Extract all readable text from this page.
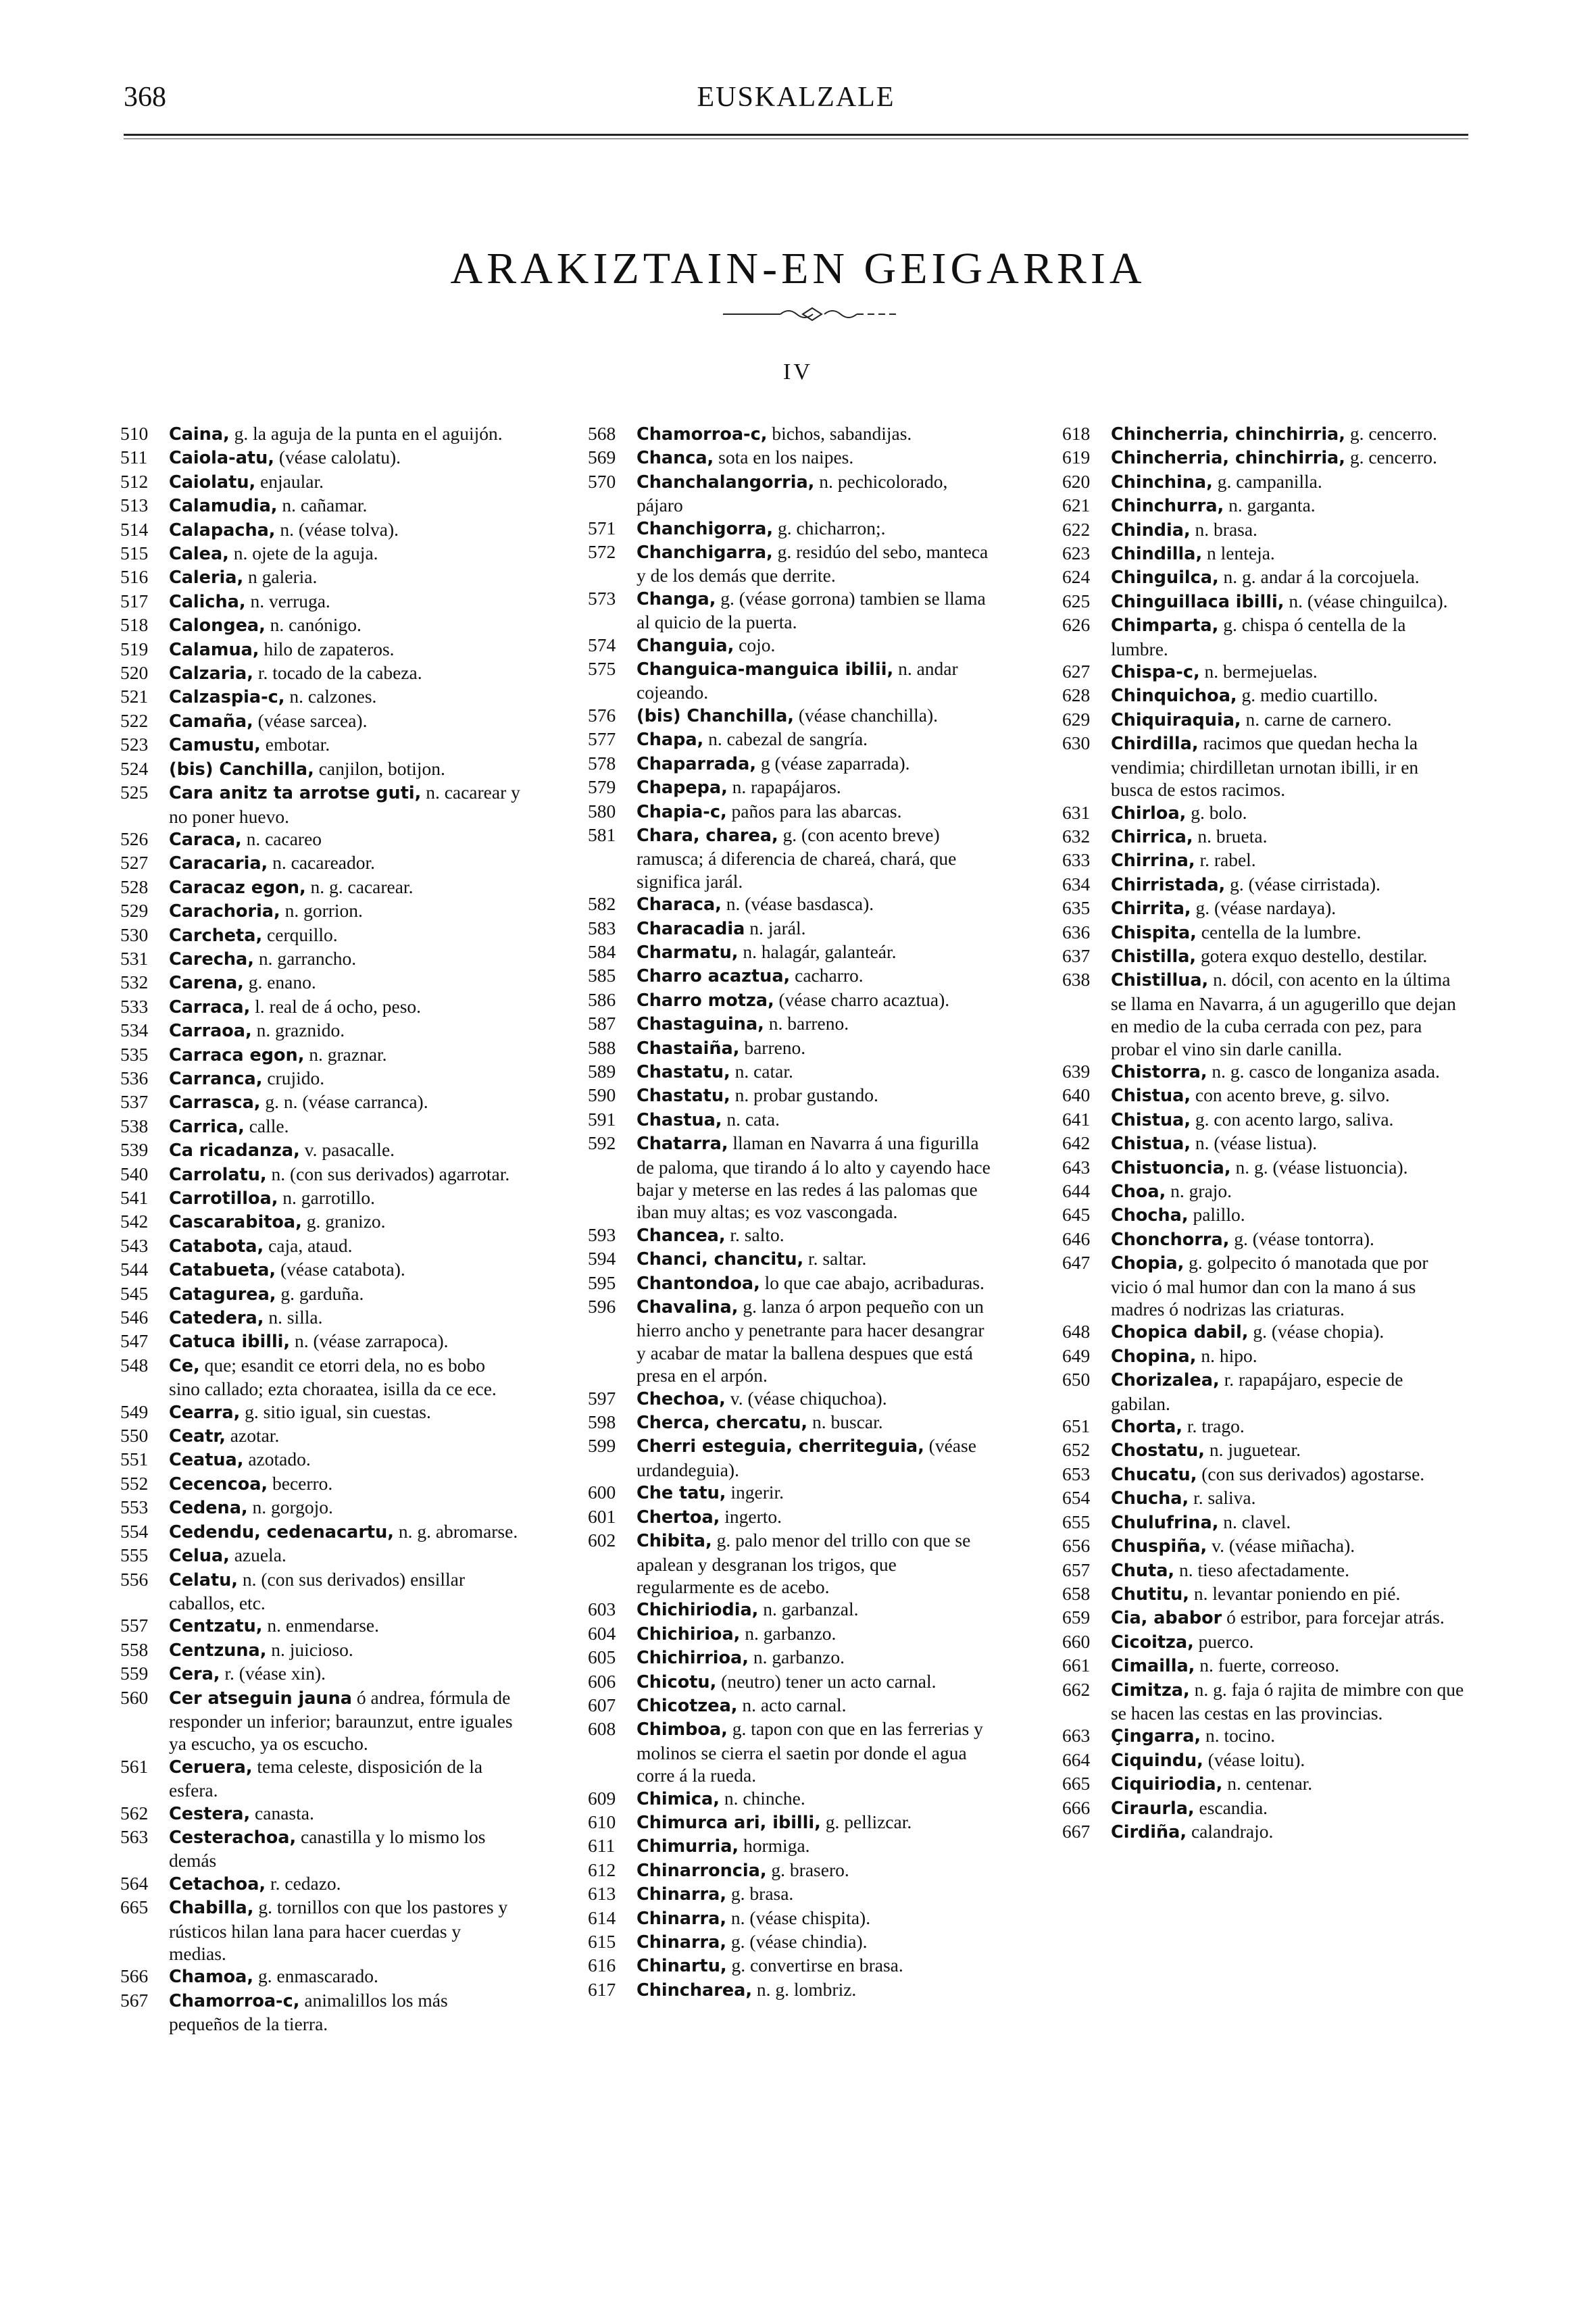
368	EUSKALZALE
ARAKIZTAIN-EN GEIGARRIA
IV
510	Caina, g. la aguja de la punta en el aguijón.
511	Caiola-atu, (véase calolatu).
512	Caiolatu, enjaular.
513	Calamudia, n. cañamar.
514	Calapacha, n. (véase tolva).
515	Calea, n. ojete de la aguja.
516	Caleria, n galeria.
517	Calicha, n. verruga.
518	Calongea, n. canónigo.
519	Calamua, hilo de zapateros.
520	Calzaria, r. tocado de la cabeza.
521	Calzaspia-c, n. calzones.
522	Camaña, (véase sarcea).
523	Camustu, embotar.
524	(bis) Canchilla, canjilon, botijon.
525	Cara anitz ta arrotse guti, n. cacarear y no poner huevo.
526	Caraca, n. cacareo
527	Caracaria, n. cacareador.
528	Caracaz egon, n. g. cacarear.
529	Carachoria, n. gorrion.
530	Carcheta, cerquillo.
531	Carecha, n. garrancho.
532	Carena, g. enano.
533	Carraca, l. real de á ocho, peso.
534	Carraoa, n. graznido.
535	Carraca egon, n. graznar.
536	Carranca, crujido.
537	Carrasca, g. n. (véase carranca).
538	Carrica, calle.
539	Ca ricadanza, v. pasacalle.
540	Carrolatu, n. (con sus derivados) agarrotar.
541	Carrotilloa, n. garrotillo.
542	Cascarabitoa, g. granizo.
543	Catabota, caja, ataud.
544	Catabueta, (véase catabota).
545	Catagurea, g. garduña.
546	Catedera, n. silla.
547	Catuca ibilli, n. (véase zarrapoca).
548	Ce, que; esandit ce etorri dela, no es bobo sino callado; ezta choraatea, isilla da ce ece.
549	Cearra, g. sitio igual, sin cuestas.
550	Ceatr, azotar.
551	Ceatua, azotado.
552	Cecencoa, becerro.
553	Cedena, n. gorgojo.
554	Cedendu, cedenacartu, n. g. abromarse.
555	Celua, azuela.
556	Celatu, n. (con sus derivados) ensillar caballos, etc.
557	Centzatu, n. enmendarse.
558	Centzuna, n. juicioso.
559	Cera, r. (véase xin).
560	Cer atseguin jauna ó andrea, fórmula de responder un inferior; baraunzut, entre iguales ya escucho, ya os escucho.
561	Ceruera, tema celeste, disposición de la esfera.
562	Cestera, canasta.
563	Cesterachoa, canastilla y lo mismo los demás
564	Cetachoa, r. cedazo.
665	Chabilla, g. tornillos con que los pastores y rústicos hilan lana para hacer cuerdas y medias.
566	Chamoa, g. enmascarado.
567	Chamorroa-c, animalillos los más pequeños de la tierra.
568	Chamorroa-c, bichos, sabandijas.
569	Chanca, sota en los naipes.
570	Chanchalangorria, n. pechicolorado, pájaro
571	Chanchigorra, g. chicharron;.
572	Chanchigarra, g. residúo del sebo, manteca y de los demás que derrite.
573	Changa, g. (véase gorrona) tambien se llama al quicio de la puerta.
574	Changuia, cojo.
575	Changuica-manguica ibilii, n. andar cojeando.
576	(bis) Chanchilla, (véase chanchilla).
577	Chapa, n. cabezal de sangría.
578	Chaparrada, g (véase zaparrada).
579	Chapepa, n. rapapájaros.
580	Chapia-c, paños para las abarcas.
581	Chara, charea, g. (con acento breve) ramusca; á diferencia de chareá, chará, que significa jarál.
582	Characa, n. (véase basdasca).
583	Characadia n. jarál.
584	Charmatu, n. halagár, galanteár.
585	Charro acaztua, cacharro.
586	Charro motza, (véase charro acaztua).
587	Chastaguina, n. barreno.
588	Chastaiña, barreno.
589	Chastatu, n. catar.
590	Chastatu, n. probar gustando.
591	Chastua, n. cata.
592	Chatarra, llaman en Navarra á una figurilla de paloma, que tirando á lo alto y cayendo hace bajar y meterse en las redes á las palomas que iban muy altas; es voz vascongada.
593	Chancea, r. salto.
594	Chanci, chancitu, r. saltar.
595	Chantondoa, lo que cae abajo, acribaduras.
596	Chavalina, g. lanza ó arpon pequeño con un hierro ancho y penetrante para hacer desangrar y acabar de matar la ballena despues que está presa en el arpón.
597	Chechoa, v. (véase chiquchoa).
598	Cherca, chercatu, n. buscar.
599	Cherri esteguia, cherriteguia, (véase urdandeguia).
600	Che tatu, ingerir.
601	Chertoa, ingerto.
602	Chibita, g. palo menor del trillo con que se apalean y desgranan los trigos, que regularmente es de acebo.
603	Chichiriodia, n. garbanzal.
604	Chichirioa, n. garbanzo.
605	Chichirrioa, n. garbanzo.
606	Chicotu, (neutro) tener un acto carnal.
607	Chicotzea, n. acto carnal.
608	Chimboa, g. tapon con que en las ferrerias y molinos se cierra el saetin por donde el agua corre á la rueda.
609	Chimica, n. chinche.
610	Chimurca ari, ibilli, g. pellizcar.
611	Chimurria, hormiga.
612	Chinarroncia, g. brasero.
613	Chinarra, g. brasa.
614	Chinarra, n. (véase chispita).
615	Chinarra, g. (véase chindia).
616	Chinartu, g. convertirse en brasa.
617	Chincharea, n. g. lombriz.
618	Chincherria, chinchirria, g. cencerro.
619	Chincherria, chinchirria, g. cencerro.
620	Chinchina, g. campanilla.
621	Chinchurra, n. garganta.
622	Chindia, n. brasa.
623	Chindilla, n lenteja.
624	Chinguilca, n. g. andar á la corcojuela.
625	Chinguillaca ibilli, n. (véase chinguilca).
626	Chimparta, g. chispa ó centella de la lumbre.
627	Chispa-c, n. bermejuelas.
628	Chinquichoa, g. medio cuartillo.
629	Chiquiraquia, n. carne de carnero.
630	Chirdilla, racimos que quedan hecha la vendimia; chirdilletan urnotan ibilli, ir en busca de estos racimos.
631	Chirloa, g. bolo.
632	Chirrica, n. brueta.
633	Chirrina, r. rabel.
634	Chirristada, g. (véase cirristada).
635	Chirrita, g. (véase nardaya).
636	Chispita, centella de la lumbre.
637	Chistilla, gotera exquo destello, destilar.
638	Chistillua, n. dócil, con acento en la última se llama en Navarra, á un agugerillo que dejan en medio de la cuba cerrada con pez, para probar el vino sin darle canilla.
639	Chistorra, n. g. casco de longaniza asada.
640	Chistua, con acento breve, g. silvo.
641	Chistua, g. con acento largo, saliva.
642	Chistua, n. (véase listua).
643	Chistuoncia, n. g. (véase listuoncia).
644	Choa, n. grajo.
645	Chocha, palillo.
646	Chonchorra, g. (véase tontorra).
647	Chopia, g. golpecito ó manotada que por vicio ó mal humor dan con la mano á sus madres ó nodrizas las criaturas.
648	Chopica dabil, g. (véase chopia).
649	Chopina, n. hipo.
650	Chorizalea, r. rapapájaro, especie de gabilan.
651	Chorta, r. trago.
652	Chostatu, n. juguetear.
653	Chucatu, (con sus derivados) agostarse.
654	Chucha, r. saliva.
655	Chulufrina, n. clavel.
656	Chuspiña, v. (véase miñacha).
657	Chuta, n. tieso afectadamente.
658	Chutitu, n. levantar poniendo en pié.
659	Cia, ababor ó estribor, para forcejar atrás.
660	Cicoitza, puerco.
661	Cimailla, n. fuerte, correoso.
662	Cimitza, n. g. faja ó rajita de mimbre con que se hacen las cestas en las provincias.
663	Çingarra, n. tocino.
664	Ciquindu, (véase loitu).
665	Ciquiriodia, n. centenar.
666	Ciraurla, escandia.
667	Cirdiña, calandrajo.
